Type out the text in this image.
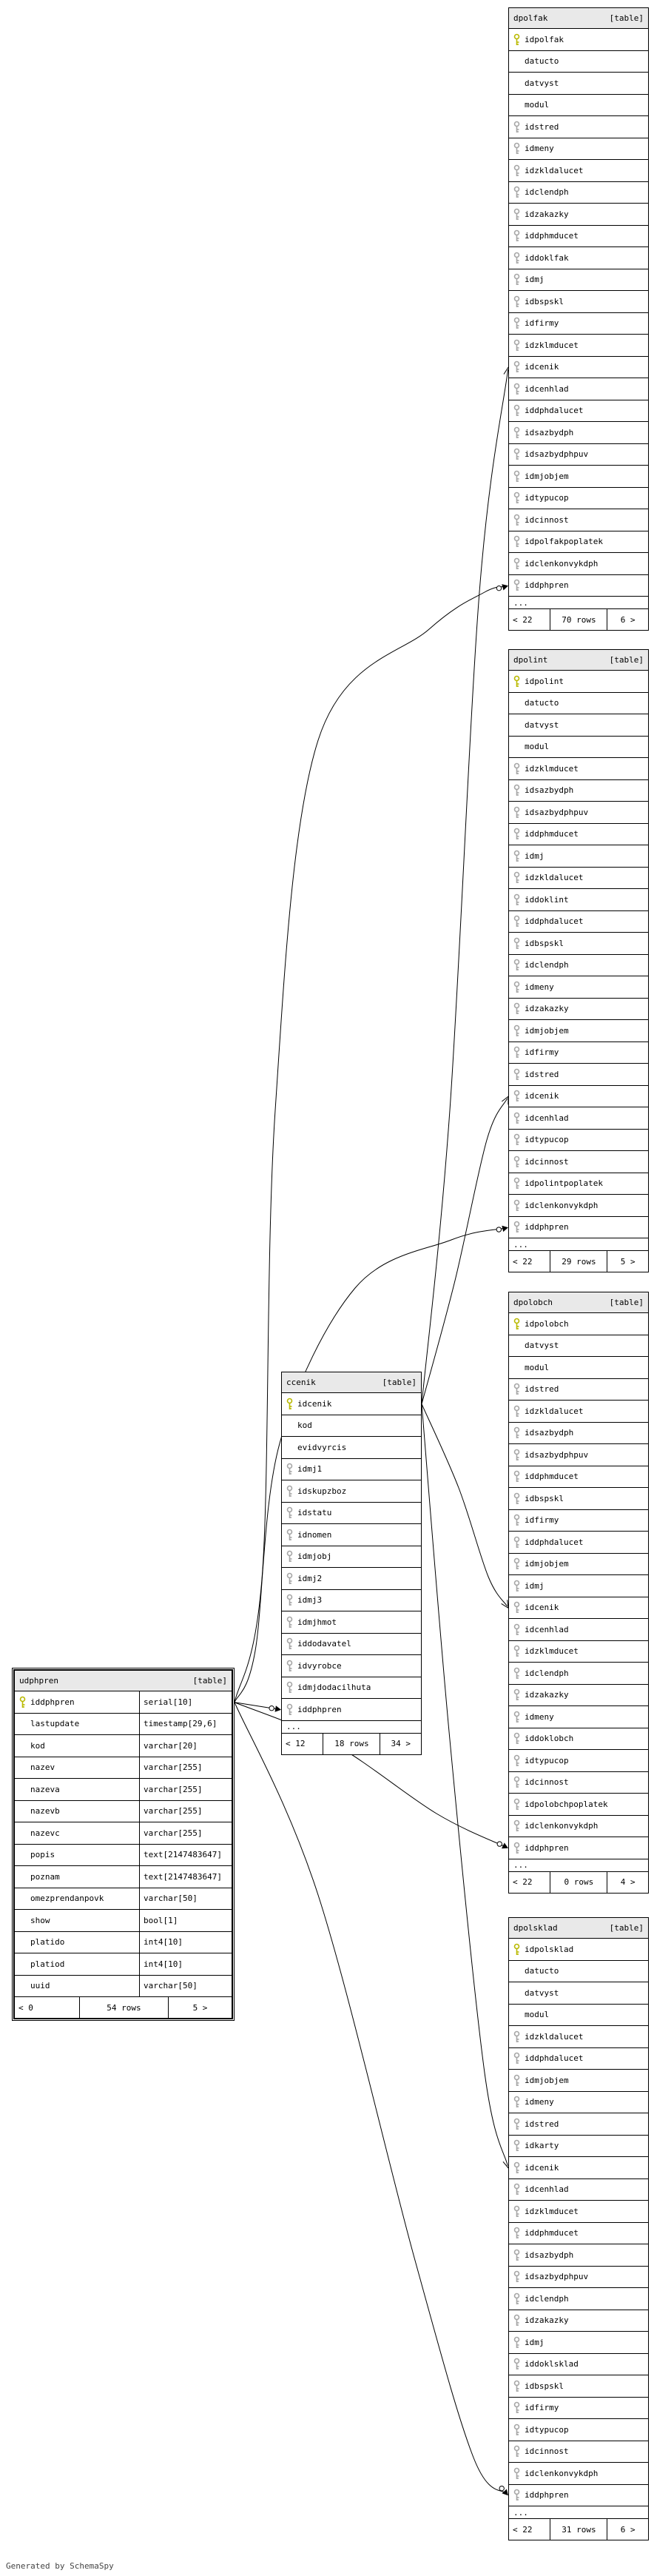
dpolfak	[table]
idpolfak
datucto
datvyst
modul
idstred
idmeny
idzkldalucet
idclendph
idzakazky
iddphmducet
iddoklfak
idmj
idbspskl
idfirmy
idzklmducet
idcenik
idcenhlad
iddphdalucet
idsazbydph
idsazbydphpuv
idmjobjem
idtypucop
idcinnost
idpolfakpoplatek
idclenkonvykdph
iddphpren
...
< 22	70 rows	6 >
dpolint	[table]
idpolint
datucto
datvyst
modul
idzklmducet
idsazbydph
idsazbydphpuv
iddphmducet
idmj
idzkldalucet
iddoklint
iddphdalucet
idbspskl
idclendph
idmeny
idzakazky
idmjobjem
idfirmy
idstred
idcenik
idcenhlad
idtypucop
idcinnost
idpolintpoplatek
idclenkonvykdph
iddphpren
...
< 22	29 rows	5 >
dpolobch	[table]
idpolobch
datvyst
modul
idstred
idzkldalucet
idsazbydph
idsazbydphpuv
iddphmducet
idbspskl
idfirmy
iddphdalucet
idmjobjem
idmj
idcenik
idcenhlad
idzklmducet
idclendph
idzakazky
idmeny
iddoklobch
idtypucop
idcinnost
idpolobchpoplatek
idclenkonvykdph
iddphpren
...
< 22	0 rows	4 >
dpolsklad	[table]
idpolsklad
datucto
datvyst
modul
idzkldalucet
iddphdalucet
idmjobjem
idmeny
idstred
idkarty
idcenik
idcenhlad
idzklmducet
iddphmducet
idsazbydph
idsazbydphpuv
idclendph
idzakazky
idmj
iddoklsklad
idbspskl
idfirmy
idtypucop
idcinnost
idclenkonvykdph
iddphpren
...
< 22	31 rows	6 >
ccenik	[table]
idcenik
kod
evidvyrcis
idmj1
idskupzboz
idstatu
idnomen
idmjobj
idmj2
idmj3
idmjhmot
iddodavatel
idvyrobce
idmjdodacilhuta
iddphpren
...
< 12	18 rows	34 >
udphpren	[table]
iddphpren	serial[10]
lastupdate	timestamp[29,6]
kod	varchar[20]
nazev	varchar[255]
nazeva	varchar[255]
nazevb	varchar[255]
nazevc	varchar[255]
popis	text[2147483647]
poznam	text[2147483647]
omezprendanpovk	varchar[50]
show	bool[1]
platido	int4[10]
platiod	int4[10]
uuid	varchar[50]
< 0	54 rows	5 >
Generated by SchemaSpy
